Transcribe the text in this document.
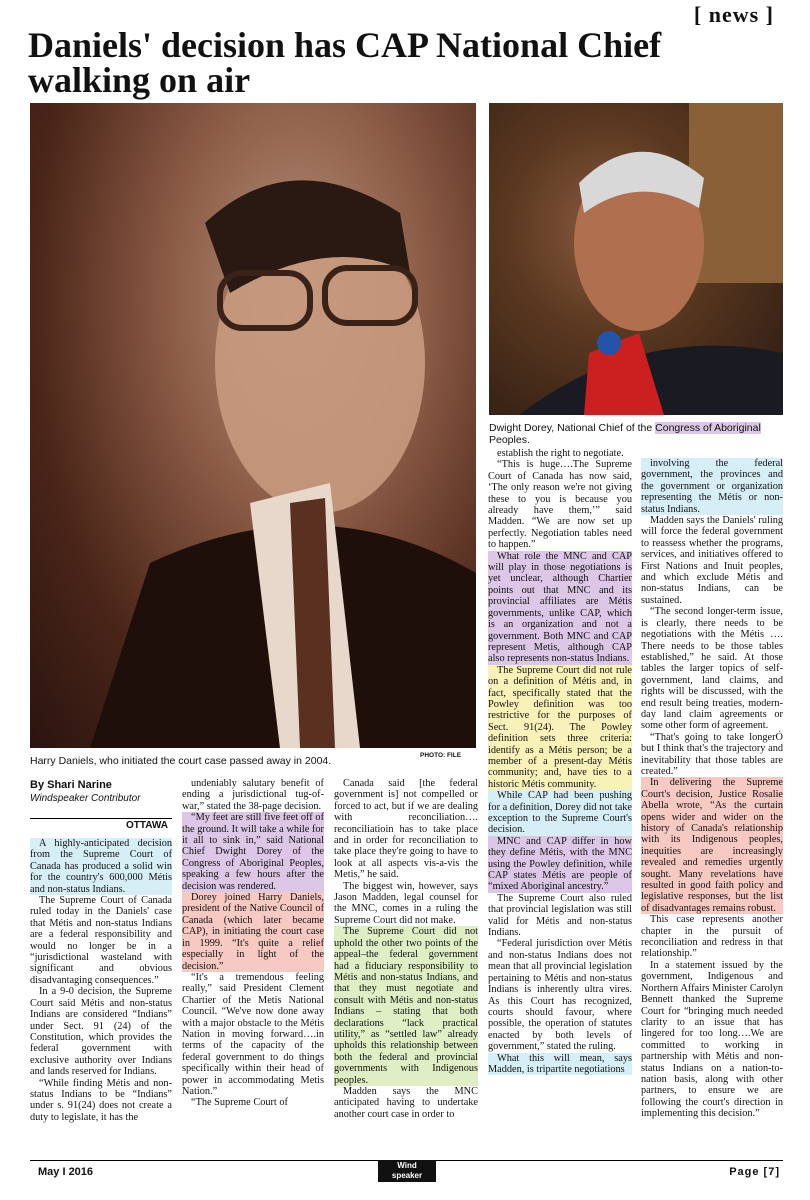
[ news ]
Daniels' decision has CAP National Chief walking on air
PHOTO: FILE
Harry Daniels, who initiated the court case passed away in 2004.
Dwight Dorey, National Chief of the Congress of Aboriginal Peoples.
By Shari Narine
Windspeaker Contributor
OTTAWA

A highly-anticipated decision from the Supreme Court of Canada has produced a solid win for the country's 600,000 Métis and non-status Indians.

The Supreme Court of Canada ruled today in the Daniels' case that Métis and non-status Indians are a federal responsibility and would no longer be in a “jurisdictional wasteland with significant and obvious disadvantaging consequences.”

In a 9-0 decision, the Supreme Court said Métis and non-status Indians are considered “Indians” under Sect. 91 (24) of the Constitution, which provides the federal government with exclusive authority over Indians and lands reserved for Indians.

“While finding Métis and non-status Indians to be “Indians” under s. 91(24) does not create a duty to legislate, it has the

undeniably salutary benefit of ending a jurisdictional tug-of-war,” stated the 38-page decision.

“My feet are still five feet off of the ground. It will take a while for it all to sink in,” said National Chief Dwight Dorey of the Congress of Aboriginal Peoples, speaking a few hours after the decision was rendered.

Dorey joined Harry Daniels, president of the Native Council of Canada (which later became CAP), in initiating the court case in 1999. “It's quite a relief especially in light of the decision.”

“It's a tremendous feeling really,” said President Clement Chartier of the Metis National Council. “We've now done away with a major obstacle to the Métis Nation in moving forward….in terms of the capacity of the federal government to do things specifically within their head of power in accommodating Metis Nation.”

“The Supreme Court of

Canada said [the federal government is] not compelled or forced to act, but if we are dealing with reconciliation…. reconciliatioin has to take place and in order for reconciliation to take place they're going to have to look at all aspects vis-a-vis the Metis,” he said.

The biggest win, however, says Jason Madden, legal counsel for the MNC, comes in a ruling the Supreme Court did not make.

The Supreme Court did not uphold the other two points of the appeal–the federal government had a fiduciary responsibility to Métis and non-status Indians, and that they must negotiate and consult with Métis and non-status Indians – stating that both declarations “lack practical utility,” as “settled law” already upholds this relationship between both the federal and provincial governments with Indigenous peoples.

Madden says the MNC anticipated having to undertake another court case in order to

establish the right to negotiate.

“This is huge….The Supreme Court of Canada has now said, ‘The only reason we're not giving these to you is because you already have them,’” said Madden. “We are now set up perfectly. Negotiation tables need to happen.”

What role the MNC and CAP will play in those negotiations is yet unclear, although Chartier points out that MNC and its provincial affiliates are Métis governments, unlike CAP, which is an organization and not a government. Both MNC and CAP represent Metis, although CAP also represents non-status Indians.

The Supreme Court did not rule on a definition of Métis and, in fact, specifically stated that the Powley definition was too restrictive for the purposes of Sect. 91(24). The Powley definition sets three criteria: identify as a Métis person; be a member of a present-day Métis community; and, have ties to a historic Métis community.

While CAP had been pushing for a definition, Dorey did not take exception to the Supreme Court's decision.

MNC and CAP differ in how they define Métis, with the MNC using the Powley definition, while CAP states Métis are people of “mixed Aboriginal ancestry.”

The Supreme Court also ruled that provincial legislation was still valid for Métis and non-status Indians.

“Federal jurisdiction over Métis and non-status Indians does not mean that all provincial legislation pertaining to Métis and non-status Indians is inherently ultra vires. As this Court has recognized, courts should favour, where possible, the operation of statutes enacted by both levels of government,” stated the ruling.

What this will mean, says Madden, is tripartite negotiations

involving the federal government, the provinces and the government or organization representing the Métis or non-status Indians.

Madden says the Daniels' ruling will force the federal government to reassess whether the programs, services, and initiatives offered to First Nations and Inuit peoples, and which exclude Métis and non-status Indians, can be sustained.

“The second longer-term issue, is clearly, there needs to be negotiations with the Métis …. There needs to be those tables established,” he said. At those tables the larger topics of self-government, land claims, and rights will be discussed, with the end result being treaties, modern-day land claim agreements or some other form of agreement.

“That's going to take longerÓ but I think that's the trajectory and inevitability that those tables are created.”

In delivering the Supreme Court's decision, Justice Rosalie Abella wrote, “As the curtain opens wider and wider on the history of Canada's relationship with its Indigenous peoples, inequities are increasingly revealed and remedies urgently sought. Many revelations have resulted in good faith policy and legislative responses, but the list of disadvantages remains robust.

This case represents another chapter in the pursuit of reconciliation and redress in that relationship.”

In a statement issued by the government, Indigenous and Northern Affairs Minister Carolyn Bennett thanked the Supreme Court for “bringing much needed clarity to an issue that has lingered for too long….We are committed to working in partnership with Métis and non-status Indians on a nation-to-nation basis, along with other partners, to ensure we are following the court's direction in implementing this decision.”

May I 2016
Wind
speaker	Page [7]
